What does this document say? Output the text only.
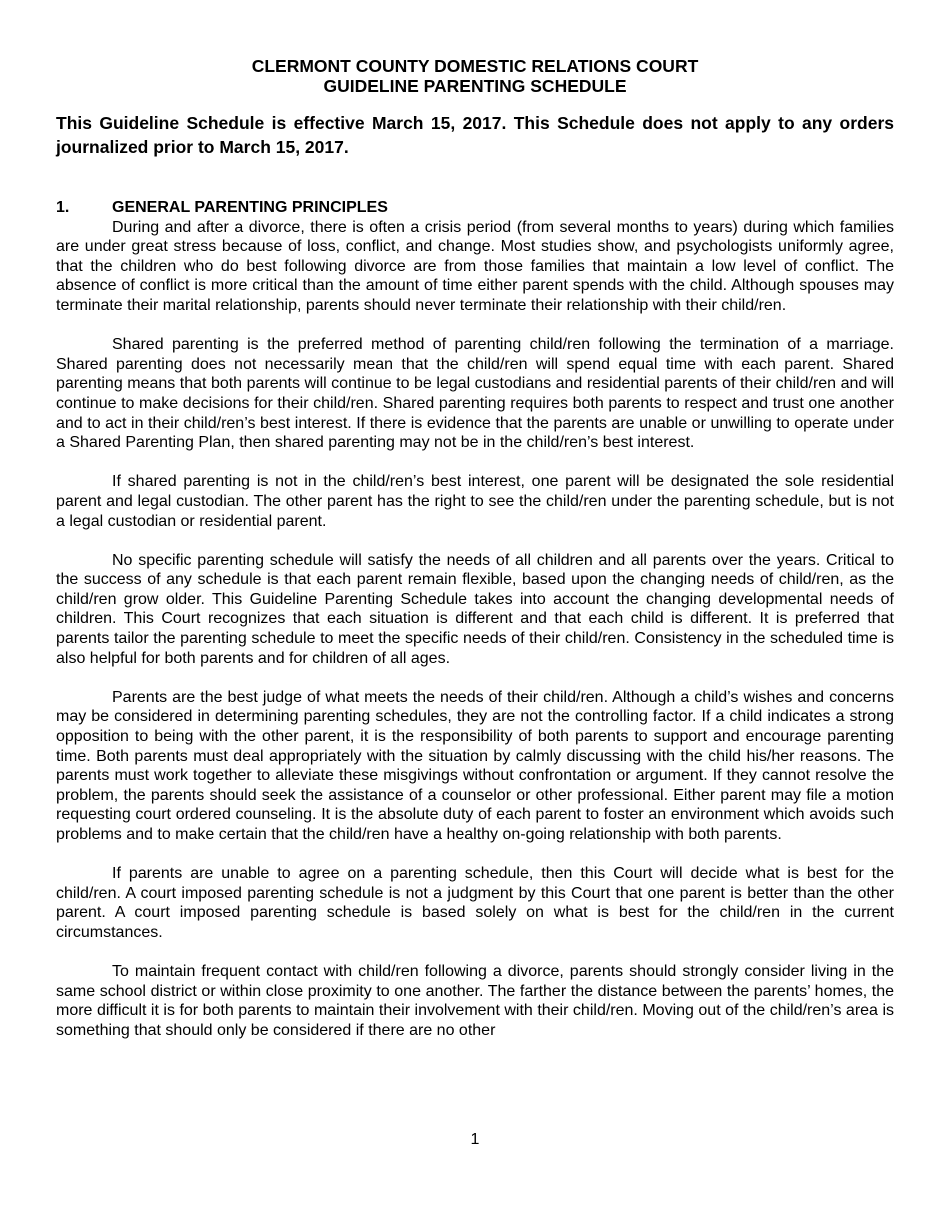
CLERMONT COUNTY DOMESTIC RELATIONS COURT

GUIDELINE PARENTING SCHEDULE

This Guideline Schedule is effective March 15, 2017. This Schedule does not apply to any orders journalized prior to March 15, 2017.

1.	GENERAL PARENTING PRINCIPLES

During and after a divorce, there is often a crisis period (from several months to years) during which families are under great stress because of loss, conflict, and change. Most studies show, and psychologists uniformly agree, that the children who do best following divorce are from those families that maintain a low level of conflict. The absence of conflict is more critical than the amount of time either parent spends with the child. Although spouses may terminate their marital relationship, parents should never terminate their relationship with their child/ren.

Shared parenting is the preferred method of parenting child/ren following the termination of a marriage. Shared parenting does not necessarily mean that the child/ren will spend equal time with each parent. Shared parenting means that both parents will continue to be legal custodians and residential parents of their child/ren and will continue to make decisions for their child/ren. Shared parenting requires both parents to respect and trust one another and to act in their child/ren’s best interest. If there is evidence that the parents are unable or unwilling to operate under a Shared Parenting Plan, then shared parenting may not be in the child/ren’s best interest.

If shared parenting is not in the child/ren’s best interest, one parent will be designated the sole residential parent and legal custodian. The other parent has the right to see the child/ren under the parenting schedule, but is not a legal custodian or residential parent.

No specific parenting schedule will satisfy the needs of all children and all parents over the years. Critical to the success of any schedule is that each parent remain flexible, based upon the changing needs of child/ren, as the child/ren grow older. This Guideline Parenting Schedule takes into account the changing developmental needs of children. This Court recognizes that each situation is different and that each child is different. It is preferred that parents tailor the parenting schedule to meet the specific needs of their child/ren. Consistency in the scheduled time is also helpful for both parents and for children of all ages.

Parents are the best judge of what meets the needs of their child/ren. Although a child’s wishes and concerns may be considered in determining parenting schedules, they are not the controlling factor. If a child indicates a strong opposition to being with the other parent, it is the responsibility of both parents to support and encourage parenting time. Both parents must deal appropriately with the situation by calmly discussing with the child his/her reasons. The parents must work together to alleviate these misgivings without confrontation or argument. If they cannot resolve the problem, the parents should seek the assistance of a counselor or other professional. Either parent may file a motion requesting court ordered counseling. It is the absolute duty of each parent to foster an environment which avoids such problems and to make certain that the child/ren have a healthy on-going relationship with both parents.

If parents are unable to agree on a parenting schedule, then this Court will decide what is best for the child/ren. A court imposed parenting schedule is not a judgment by this Court that one parent is better than the other parent. A court imposed parenting schedule is based solely on what is best for the child/ren in the current circumstances.

To maintain frequent contact with child/ren following a divorce, parents should strongly consider living in the same school district or within close proximity to one another. The farther the distance between the parents’ homes, the more difficult it is for both parents to maintain their involvement with their child/ren. Moving out of the child/ren’s area is something that should only be considered if there are no other

1
